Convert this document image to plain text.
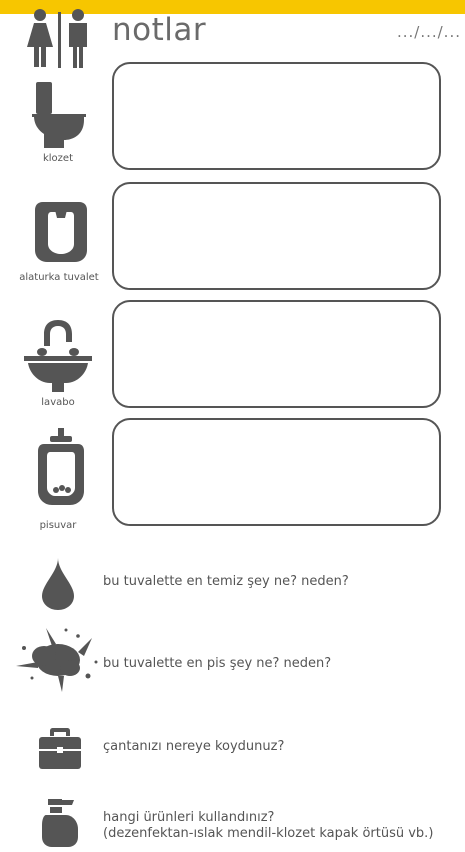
notlar	.../.../...
klozet
alaturka tuvalet
lavabo
pisuvar
bu tuvalette en temiz şey ne? neden?
bu tuvalette en pis şey ne? neden?
çantanızı nereye koydunuz?
hangi ürünleri kullandınız?
(dezenfektan-ıslak mendil-klozet kapak örtüsü vb.)
